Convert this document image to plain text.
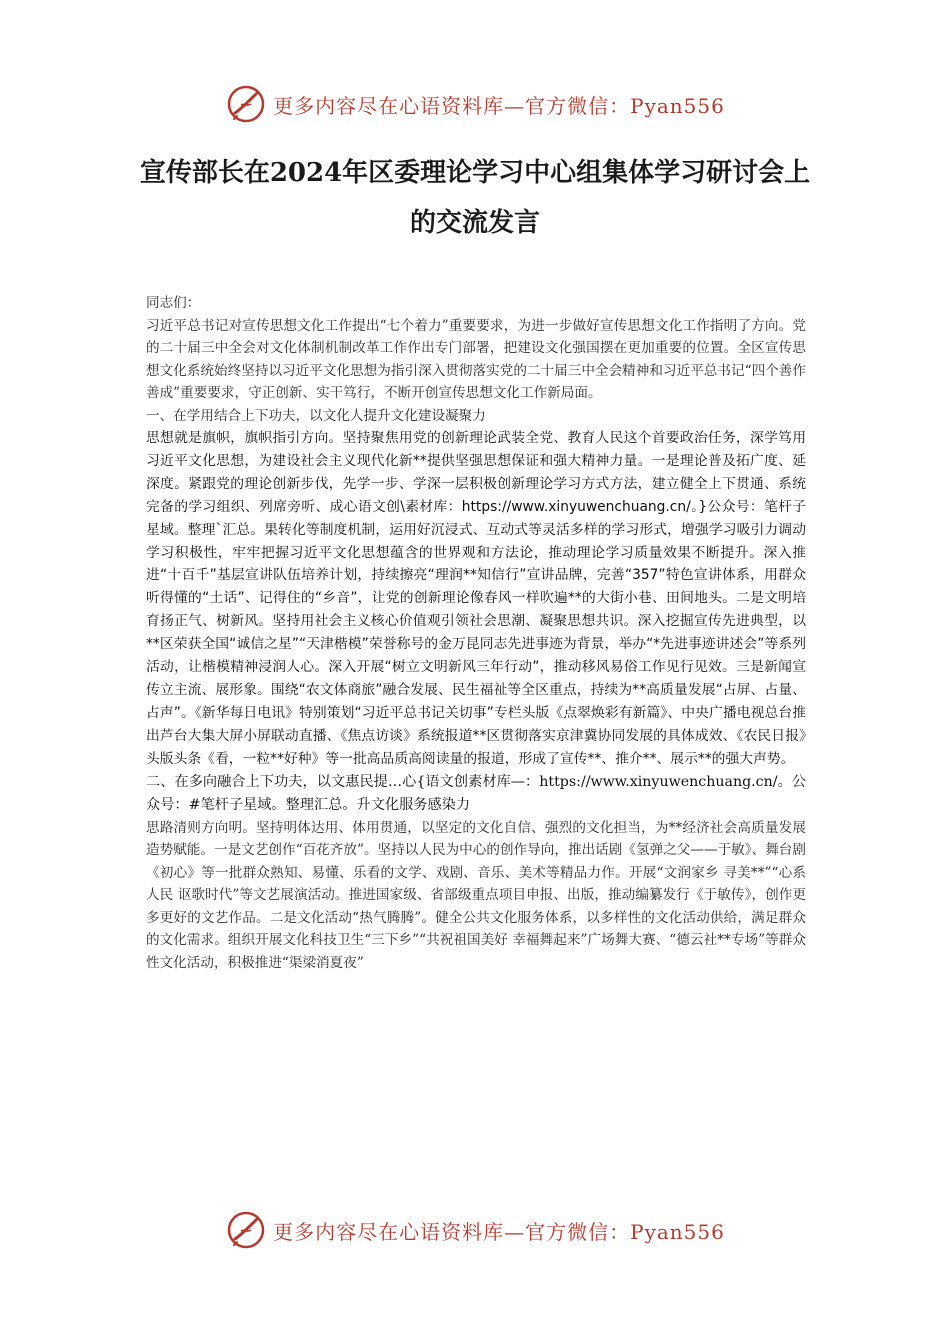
更多内容尽在心语资料库—官方微信：Pyan556
宣传部长在2024年区委理论学习中心组集体学习研讨会上的交流发言

同志们：

习近平总书记对宣传思想文化工作提出“七个着力”重要要求，为进一步做好宣传思想文化工作指明了方向。党的二十届三中全会对文化体制机制改革工作作出专门部署，把建设文化强国摆在更加重要的位置。全区宣传思想文化系统始终坚持以习近平文化思想为指引深入贯彻落实党的二十届三中全会精神和习近平总书记“四个善作善成”重要要求，守正创新、实干笃行，不断开创宣传思想文化工作新局面。

一、在学用结合上下功夫，以文化人提升文化建设凝聚力

思想就是旗帜，旗帜指引方向。坚持聚焦用党的创新理论武装全党、教育人民这个首要政治任务，深学笃用习近平文化思想，为建设社会主义现代化新**提供坚强思想保证和强大精神力量。一是理论普及拓广度、延深度。紧跟党的理论创新步伐，先学一步、学深一层积极创新理论学习方式方法，建立健全上下贯通、系统完备的学习组织、列席旁听、成心语文创\素材库：https://www.xinyuwenchuang.cn/。}公众号：笔杆子星域。整理`汇总。果转化等制度机制，运用好沉浸式、互动式等灵活多样的学习形式，增强学习吸引力调动学习积极性，牢牢把握习近平文化思想蕴含的世界观和方法论，推动理论学习质量效果不断提升。深入推进“十百千”基层宣讲队伍培养计划，持续擦亮“理润**知信行”宣讲品牌，完善“357”特色宣讲体系，用群众听得懂的“土话”、记得住的“乡音”，让党的创新理论像春风一样吹遍**的大街小巷、田间地头。二是文明培育扬正气、树新风。坚持用社会主义核心价值观引领社会思潮、凝聚思想共识。深入挖掘宣传先进典型，以**区荣获全国“诚信之星”“天津楷模”荣誉称号的金万昆同志先进事迹为背景，举办“*先进事迹讲述会”等系列活动，让楷模精神浸润人心。深入开展“树立文明新风三年行动”，推动移风易俗工作见行见效。三是新闻宣传立主流、展形象。围绕“农文体商旅”融合发展、民生福祉等全区重点，持续为**高质量发展“占屏、占量、占声”。《新华每日电讯》特别策划“习近平总书记关切事”专栏头版《点翠焕彩有新篇》、中央广播电视总台推出芦台大集大屏小屏联动直播、《焦点访谈》系统报道**区贯彻落实京津冀协同发展的具体成效、《农民日报》头版头条《看，一粒**好种》等一批高品质高阅读量的报道，形成了宣传**、推介**、展示**的强大声势。

二、在多向融合上下功夫，以文惠民提…心{语文创素材库—：https://www.xinyuwenchuang.cn/。公众号：#笔杆子星域。整理汇总。升文化服务感染力

思路清则方向明。坚持明体达用、体用贯通，以坚定的文化自信、强烈的文化担当，为**经济社会高质量发展造势赋能。一是文艺创作“百花齐放”。坚持以人民为中心的创作导向，推出话剧《氢弹之父——于敏》、舞台剧《初心》等一批群众熟知、易懂、乐看的文学、戏剧、音乐、美术等精品力作。开展“文润家乡 寻美**”“心系人民 讴歌时代”等文艺展演活动。推进国家级、省部级重点项目申报、出版，推动编纂发行《于敏传》，创作更多更好的文艺作品。二是文化活动“热气腾腾”。健全公共文化服务体系，以多样性的文化活动供给，满足群众的文化需求。组织开展文化科技卫生“三下乡”“共祝祖国美好 幸福舞起来”广场舞大赛、“德云社**专场”等群众性文化活动，积极推进“渠梁消夏夜”

更多内容尽在心语资料库—官方微信：Pyan556
